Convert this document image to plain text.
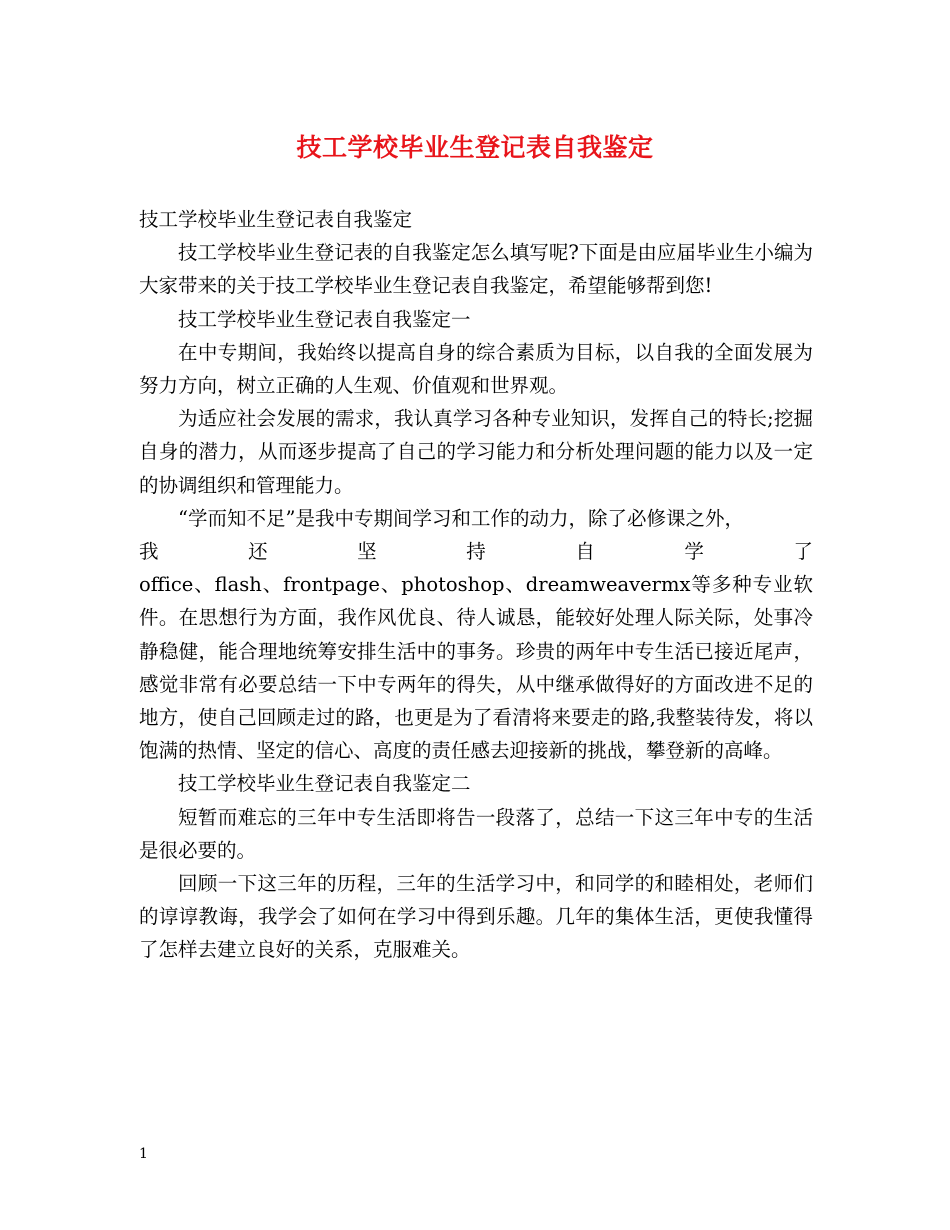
技工学校毕业生登记表自我鉴定

技工学校毕业生登记表自我鉴定

技工学校毕业生登记表的自我鉴定怎么填写呢?下面是由应届毕业生小编为大家带来的关于技工学校毕业生登记表自我鉴定，希望能够帮到您!

技工学校毕业生登记表自我鉴定一

在中专期间，我始终以提高自身的综合素质为目标，以自我的全面发展为努力方向，树立正确的人生观、价值观和世界观。

为适应社会发展的需求，我认真学习各种专业知识，发挥自己的特长;挖掘自身的潜力，从而逐步提高了自己的学习能力和分析处理问题的能力以及一定的协调组织和管理能力。

“学而知不足”是我中专期间学习和工作的动力，除了必修课之外，

我还坚持自学了

office、flash、frontpage、photoshop、dreamweavermx等多种专业软件。在思想行为方面，我作风优良、待人诚恳，能较好处理人际关际，处事冷静稳健，能合理地统筹安排生活中的事务。珍贵的两年中专生活已接近尾声，感觉非常有必要总结一下中专两年的得失，从中继承做得好的方面改进不足的地方，使自己回顾走过的路，也更是为了看清将来要走的路,我整装待发，将以饱满的热情、坚定的信心、高度的责任感去迎接新的挑战，攀登新的高峰。

技工学校毕业生登记表自我鉴定二

短暂而难忘的三年中专生活即将告一段落了，总结一下这三年中专的生活是很必要的。

回顾一下这三年的历程，三年的生活学习中，和同学的和睦相处，老师们的谆谆教诲，我学会了如何在学习中得到乐趣。几年的集体生活，更使我懂得了怎样去建立良好的关系，克服难关。

1
